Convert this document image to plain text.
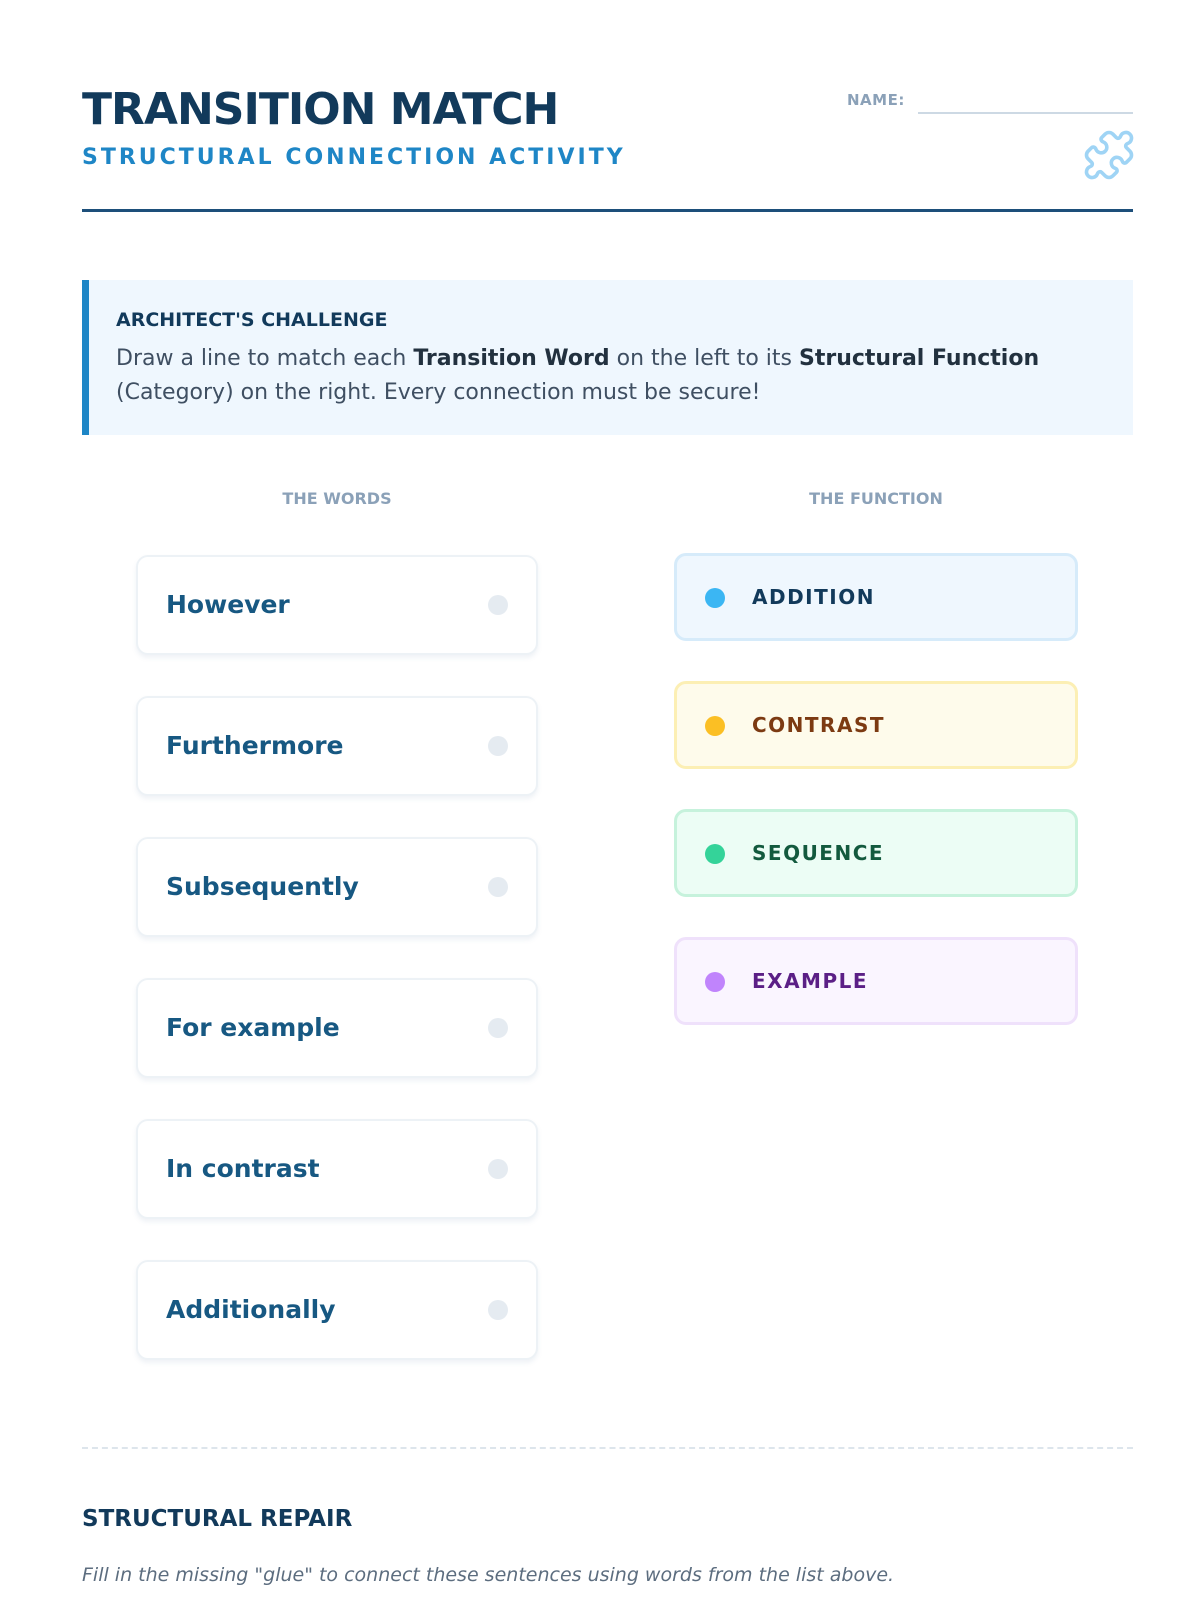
TRANSITION MATCH
STRUCTURAL CONNECTION ACTIVITY
NAME:
ARCHITECT'S CHALLENGE

Draw a line to match each Transition Word on the left to its Structural Function (Category) on the right. Every connection must be secure!

THE WORDS	THE FUNCTION
However
Furthermore
Subsequently
For example
In contrast
Additionally
ADDITION
CONTRAST
SEQUENCE
EXAMPLE
STRUCTURAL REPAIR

Fill in the missing "glue" to connect these sentences using words from the list above.
